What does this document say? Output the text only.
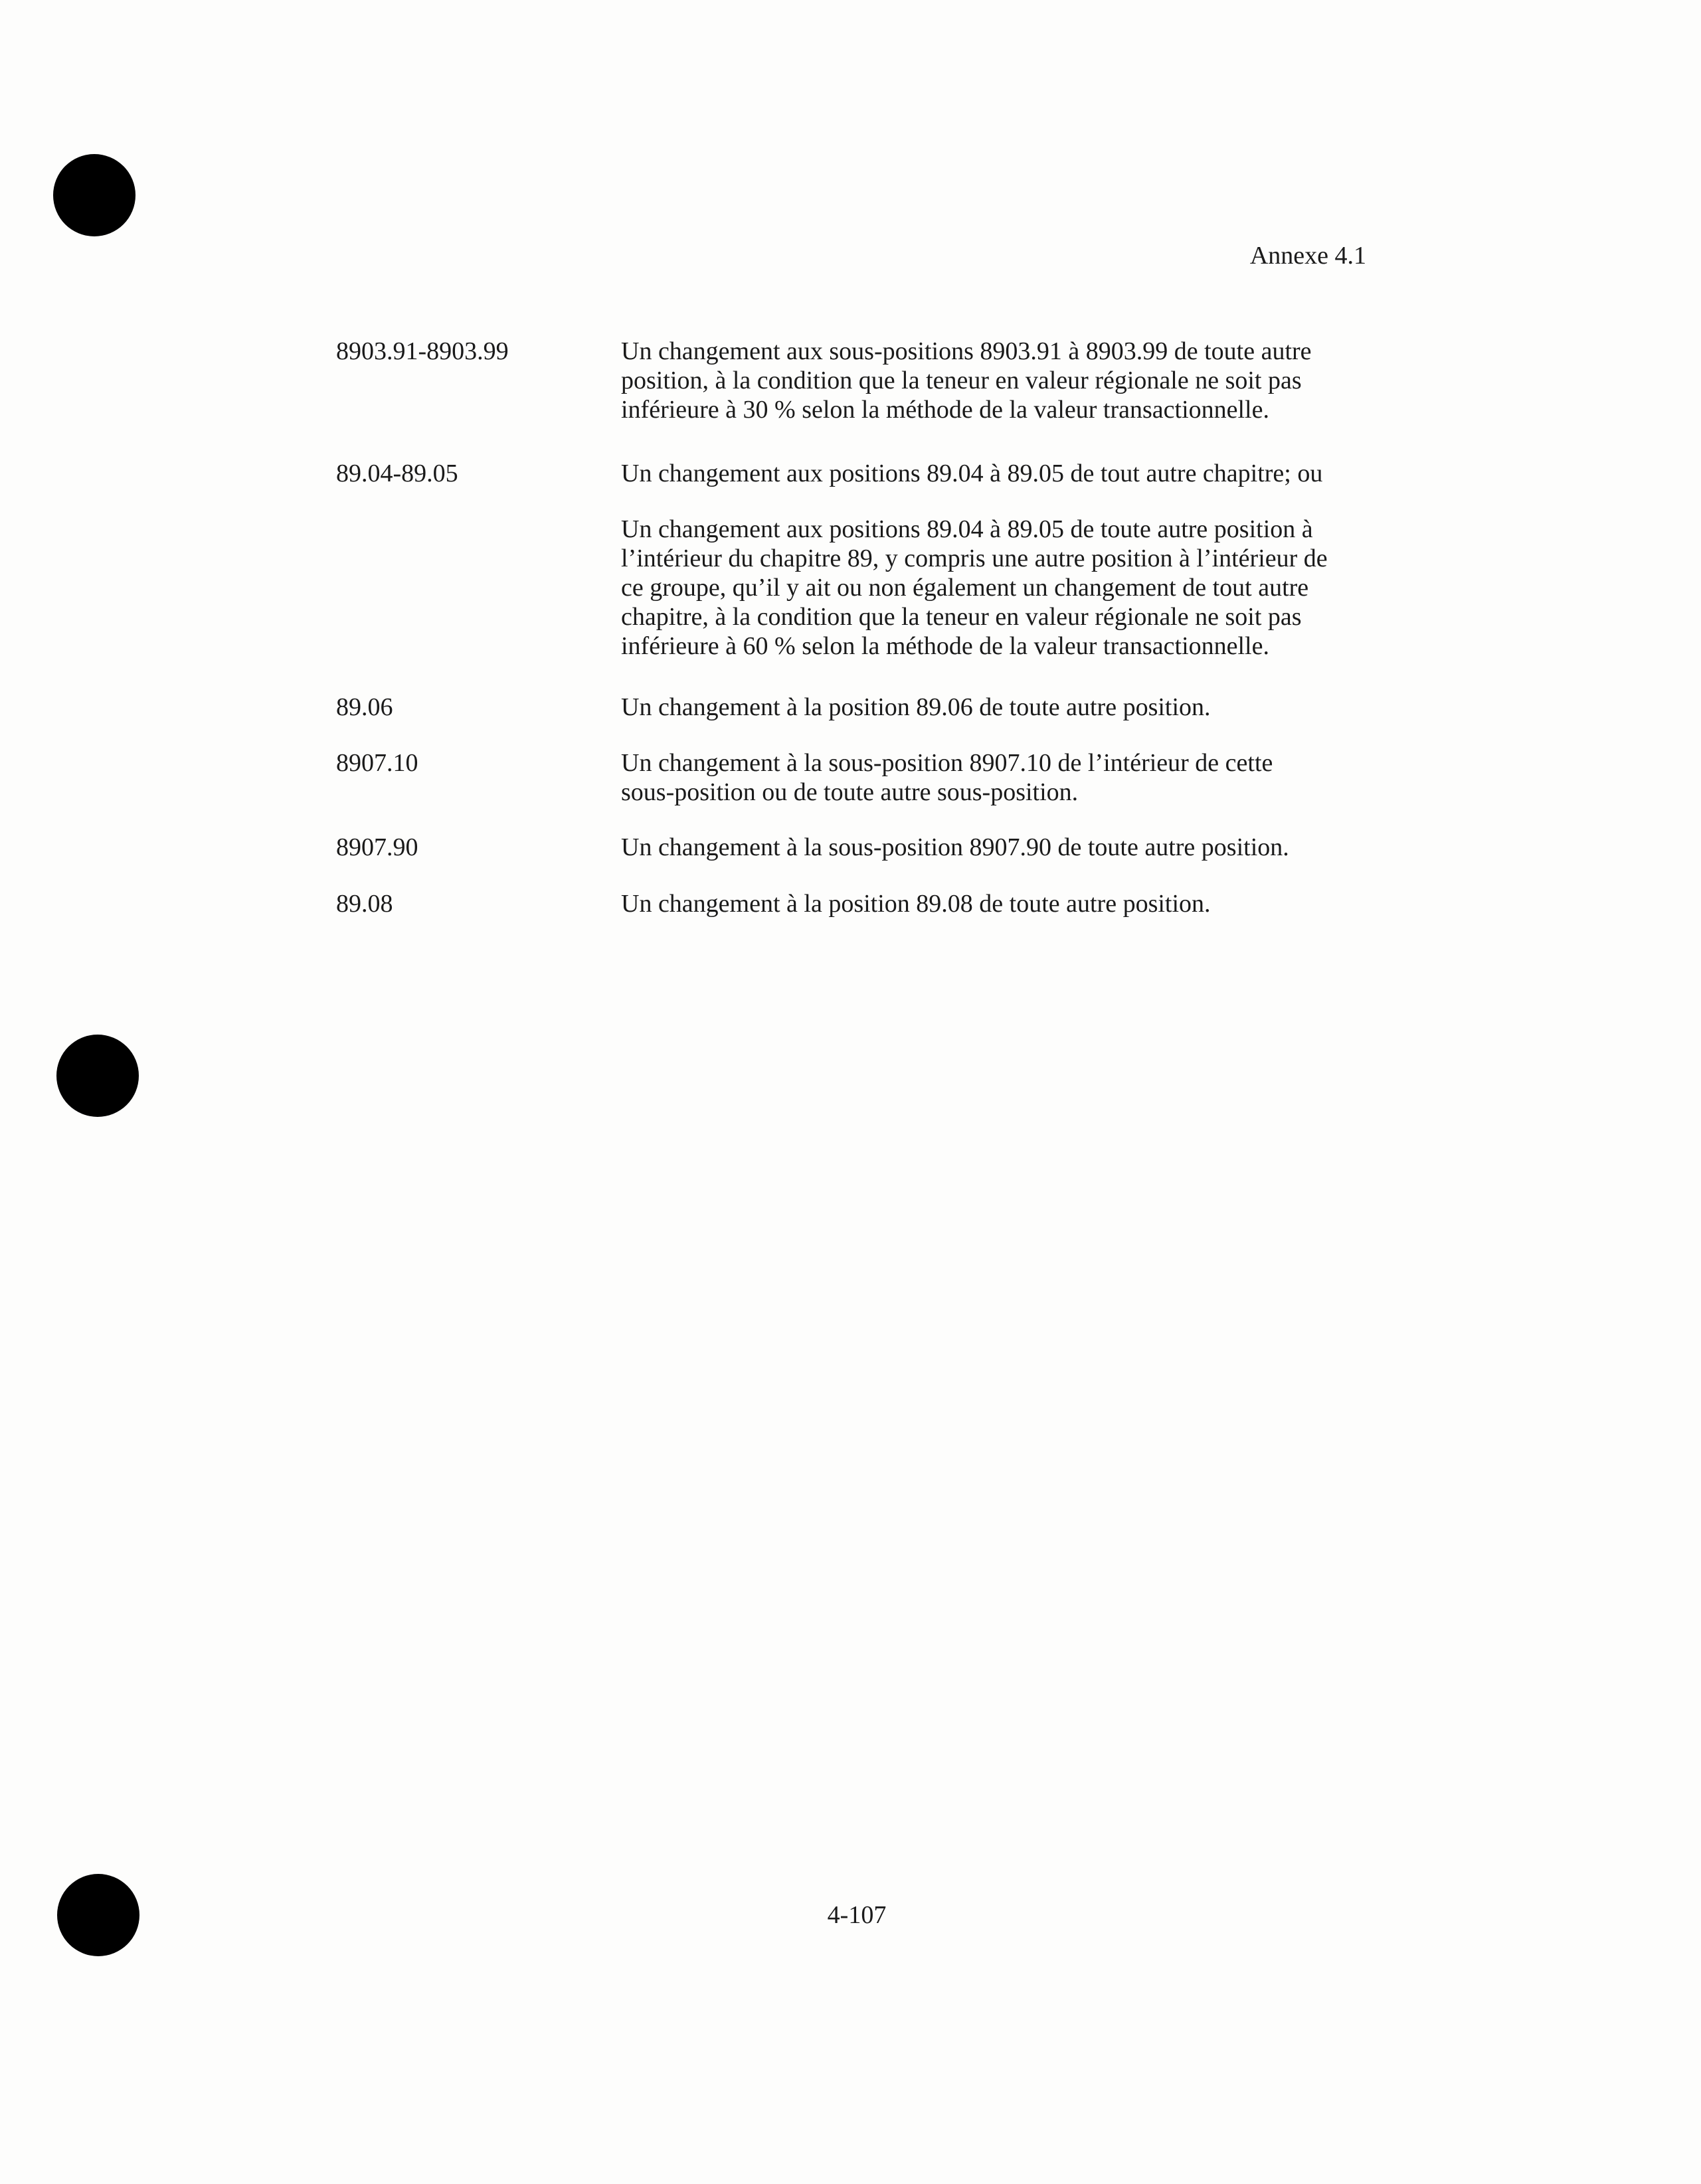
Annexe 4.1
8903.91-8903.99	Un changement aux sous-positions 8903.91 à 8903.99 de toute autre
position, à la condition que la teneur en valeur régionale ne soit pas
inférieure à 30 % selon la méthode de la valeur transactionnelle.
89.04-89.05	Un changement aux positions 89.04 à 89.05 de tout autre chapitre; ou
Un changement aux positions 89.04 à 89.05 de toute autre position à
l’intérieur du chapitre 89, y compris une autre position à l’intérieur de
ce groupe, qu’il y ait ou non également un changement de tout autre
chapitre, à la condition que la teneur en valeur régionale ne soit pas
inférieure à 60 % selon la méthode de la valeur transactionnelle.
89.06	Un changement à la position 89.06 de toute autre position.
8907.10	Un changement à la sous-position 8907.10 de l’intérieur de cette
sous-position ou de toute autre sous-position.
8907.90	Un changement à la sous-position 8907.90 de toute autre position.
89.08	Un changement à la position 89.08 de toute autre position.
4-107
